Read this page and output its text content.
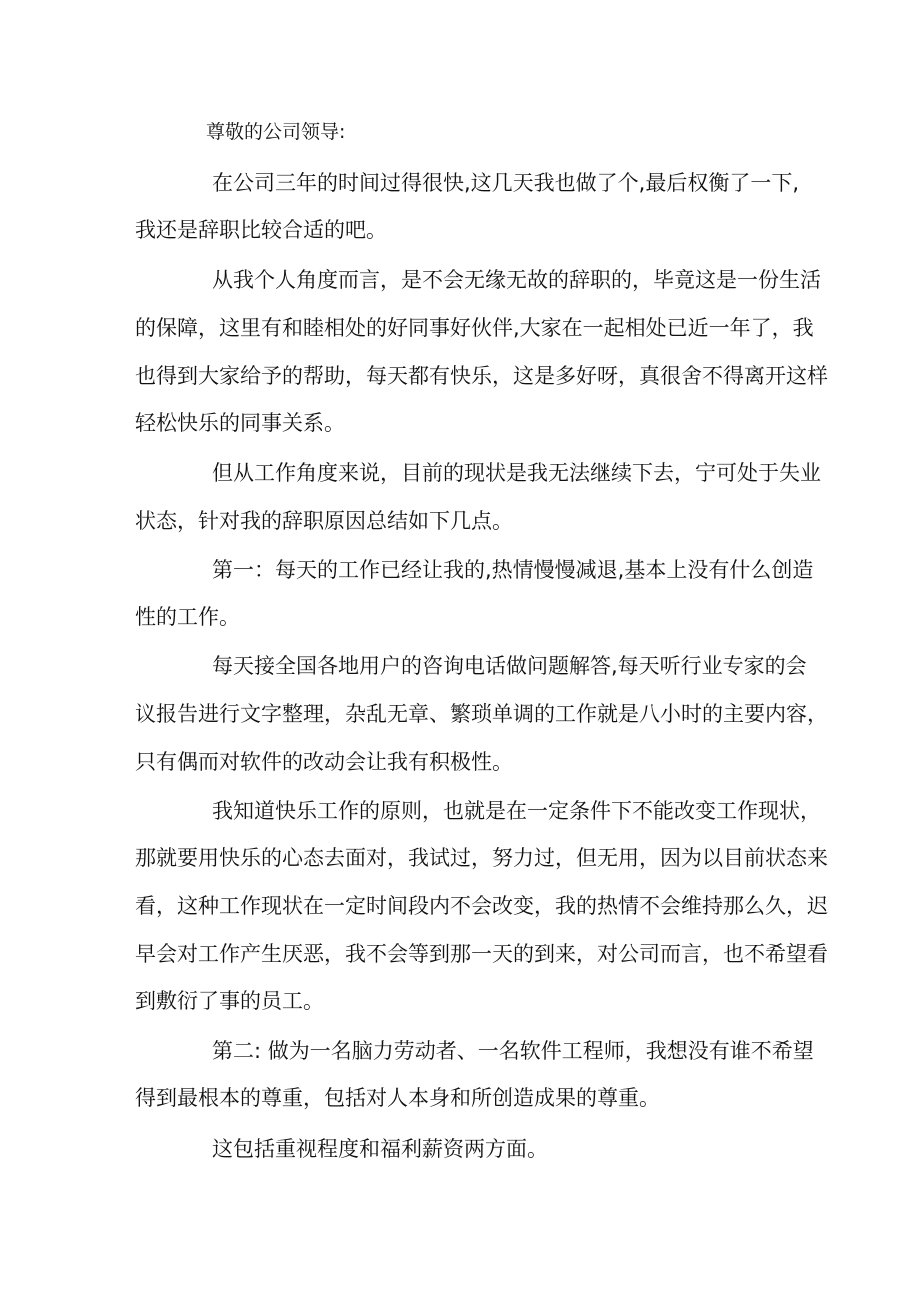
尊敬的公司领导:

在公司三年的时间过得很快,这几天我也做了个,最后权衡了一下,

我还是辞职比较合适的吧。

从我个人角度而言，是不会无缘无故的辞职的，毕竟这是一份生活

的保障，这里有和睦相处的好同事好伙伴,大家在一起相处已近一年了，我

也得到大家给予的帮助，每天都有快乐，这是多好呀，真很舍不得离开这样

轻松快乐的同事关系。

但从工作角度来说，目前的现状是我无法继续下去，宁可处于失业

状态，针对我的辞职原因总结如下几点。

第一：每天的工作已经让我的,热情慢慢减退,基本上没有什么创造

性的工作。

每天接全国各地用户的咨询电话做问题解答,每天听行业专家的会

议报告进行文字整理，杂乱无章、繁琐单调的工作就是八小时的主要内容，

只有偶而对软件的改动会让我有积极性。

我知道快乐工作的原则，也就是在一定条件下不能改变工作现状，

那就要用快乐的心态去面对，我试过，努力过，但无用，因为以目前状态来

看，这种工作现状在一定时间段内不会改变，我的热情不会维持那么久，迟

早会对工作产生厌恶，我不会等到那一天的到来，对公司而言，也不希望看

到敷衍了事的员工。

第二: 做为一名脑力劳动者、一名软件工程师，我想没有谁不希望

得到最根本的尊重，包括对人本身和所创造成果的尊重。

这包括重视程度和福利薪资两方面。
